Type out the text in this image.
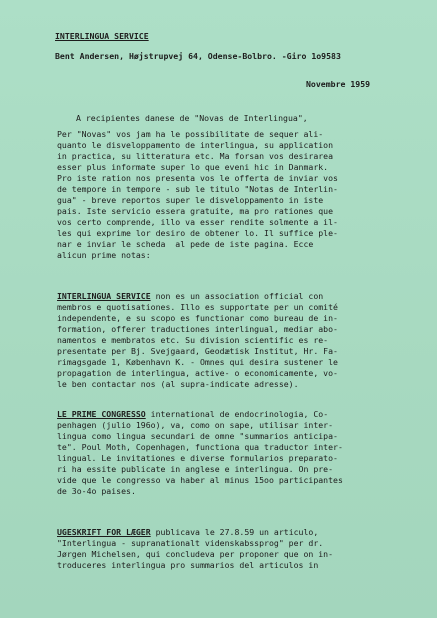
INTERLINGUA SERVICE
Bent Andersen, Højstrupvej 64, Odense-Bolbro. -Giro 1o9583
Novembre 1959
A recipientes danese de "Novas de Interlingua",
Per "Novas" vos jam ha le possibilitate de sequer ali-
quanto le disveloppamento de interlingua, su application
in practica, su litteratura etc. Ma forsan vos desirarea
esser plus informate super lo que eveni hic in Danmark.
Pro iste ration nos presenta vos le offerta de inviar vos
de tempore in tempore - sub le titulo "Notas de Interlin-
gua" - breve reportos super le disveloppamento in iste
pais. Iste servicio essera gratuite, ma pro rationes que
vos certo comprende, illo va esser rendite solmente a il-
les qui exprime lor desiro de obtener lo. Il suffice ple-
nar e inviar le scheda  al pede de iste pagina. Ecce
alicun prime notas:
INTERLINGUA SERVICE non es un association official con
membros e quotisationes. Illo es supportate per un comité
independente, e su scopo es functionar como bureau de in-
formation, offerer traductiones interlingual, mediar abo-
namentos e membratos etc. Su division scientific es re-
presentate per Bj. Svejgaard, Geodætisk Institut, Hr. Fa-
rimagsgade 1, København K. - Omnes qui desira sustener le
propagation de interlingua, active- o economicamente, vo-
le ben contactar nos (al supra-indicate adresse).
LE PRIME CONGRESSO international de endocrinologia, Co-
penhagen (julio 196o), va, como on sape, utilisar inter-
lingua como lingua secundari de omne "summarios anticipa-
te". Poul Moth, Copenhagen, functiona qua traductor inter-
lingual. Le invitationes e diverse formularios preparato-
ri ha essite publicate in anglese e interlingua. On pre-
vide que le congresso va haber al minus 15oo participantes
de 3o-4o paises.
UGESKRIFT FOR LÆGER publicava le 27.8.59 un articulo,
"Interlingua - supranationalt videnskabssprog" per dr.
Jørgen Michelsen, qui concludeva per proponer que on in-
troduceres interlingua pro summarios del articulos in
